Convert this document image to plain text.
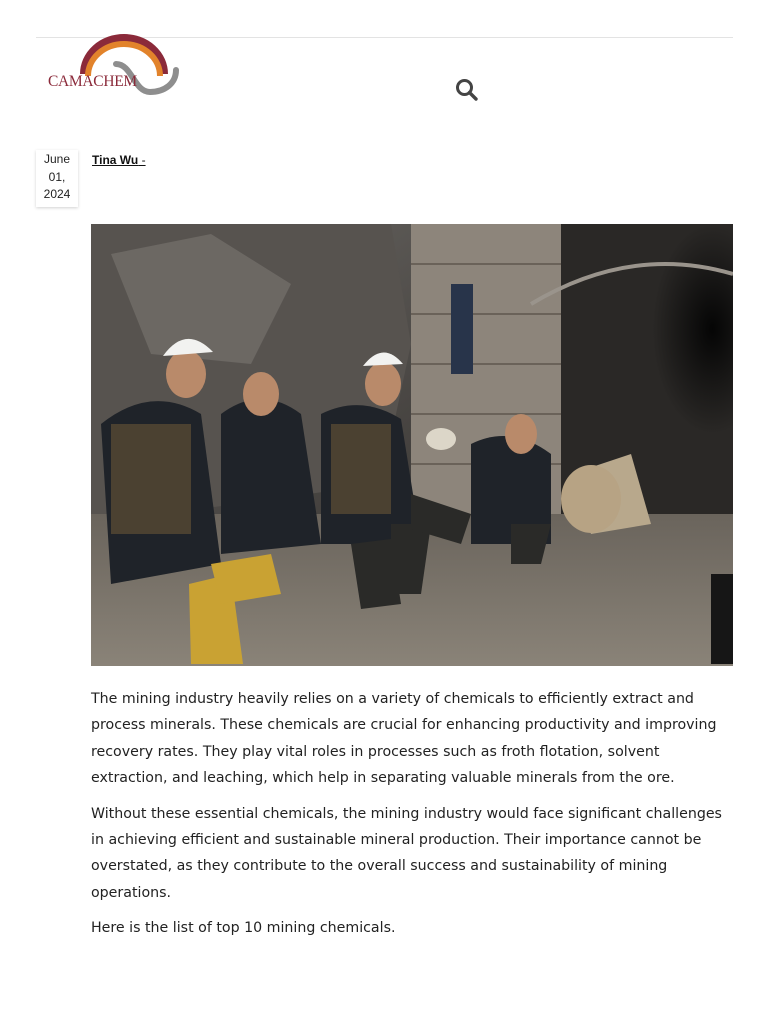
CAMACHEM
June
01,
2024
Tina Wu -

The mining industry heavily relies on a variety of chemicals to efficiently extract and process minerals. These chemicals are crucial for enhancing productivity and improving recovery rates. They play vital roles in processes such as froth flotation, solvent extraction, and leaching, which help in separating valuable minerals from the ore.

Without these essential chemicals, the mining industry would face significant challenges in achieving efficient and sustainable mineral production. Their importance cannot be overstated, as they contribute to the overall success and sustainability of mining operations.

Here is the list of top 10 mining chemicals.
